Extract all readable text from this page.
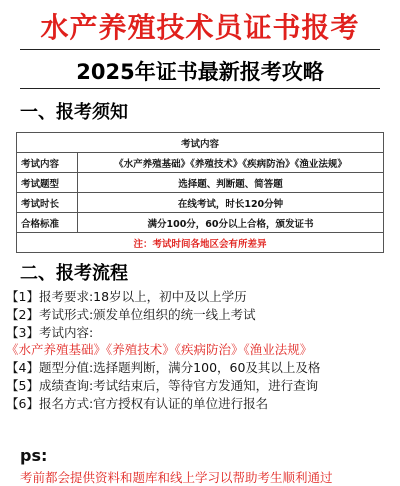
水产养殖技术员证书报考
2025年证书最新报考攻略
一、报考须知
考试内容	
考试内容	《水产养殖基础》《养殖技术》《疾病防治》《渔业法规》
考试题型	选择题、判断题、简答题
考试时长	在线考试，时长120分钟
合格标准	满分100分，60分以上合格，颁发证书
注：考试时间各地区会有所差异	
二、报考流程
【1】报考要求:18岁以上，初中及以上学历
【2】考试形式:颁发单位组织的统一线上考试
【3】考试内容:《水产养殖基础》《养殖技术》《疾病防治》《渔业法规》
【4】题型分值:选择题判断，满分100，60及其以上及格
【5】成绩查询:考试结束后，等待官方发通知，进行查询
【6】报名方式:官方授权有认证的单位进行报名
ps:
考前都会提供资料和题库和线上学习以帮助考生顺利通过
